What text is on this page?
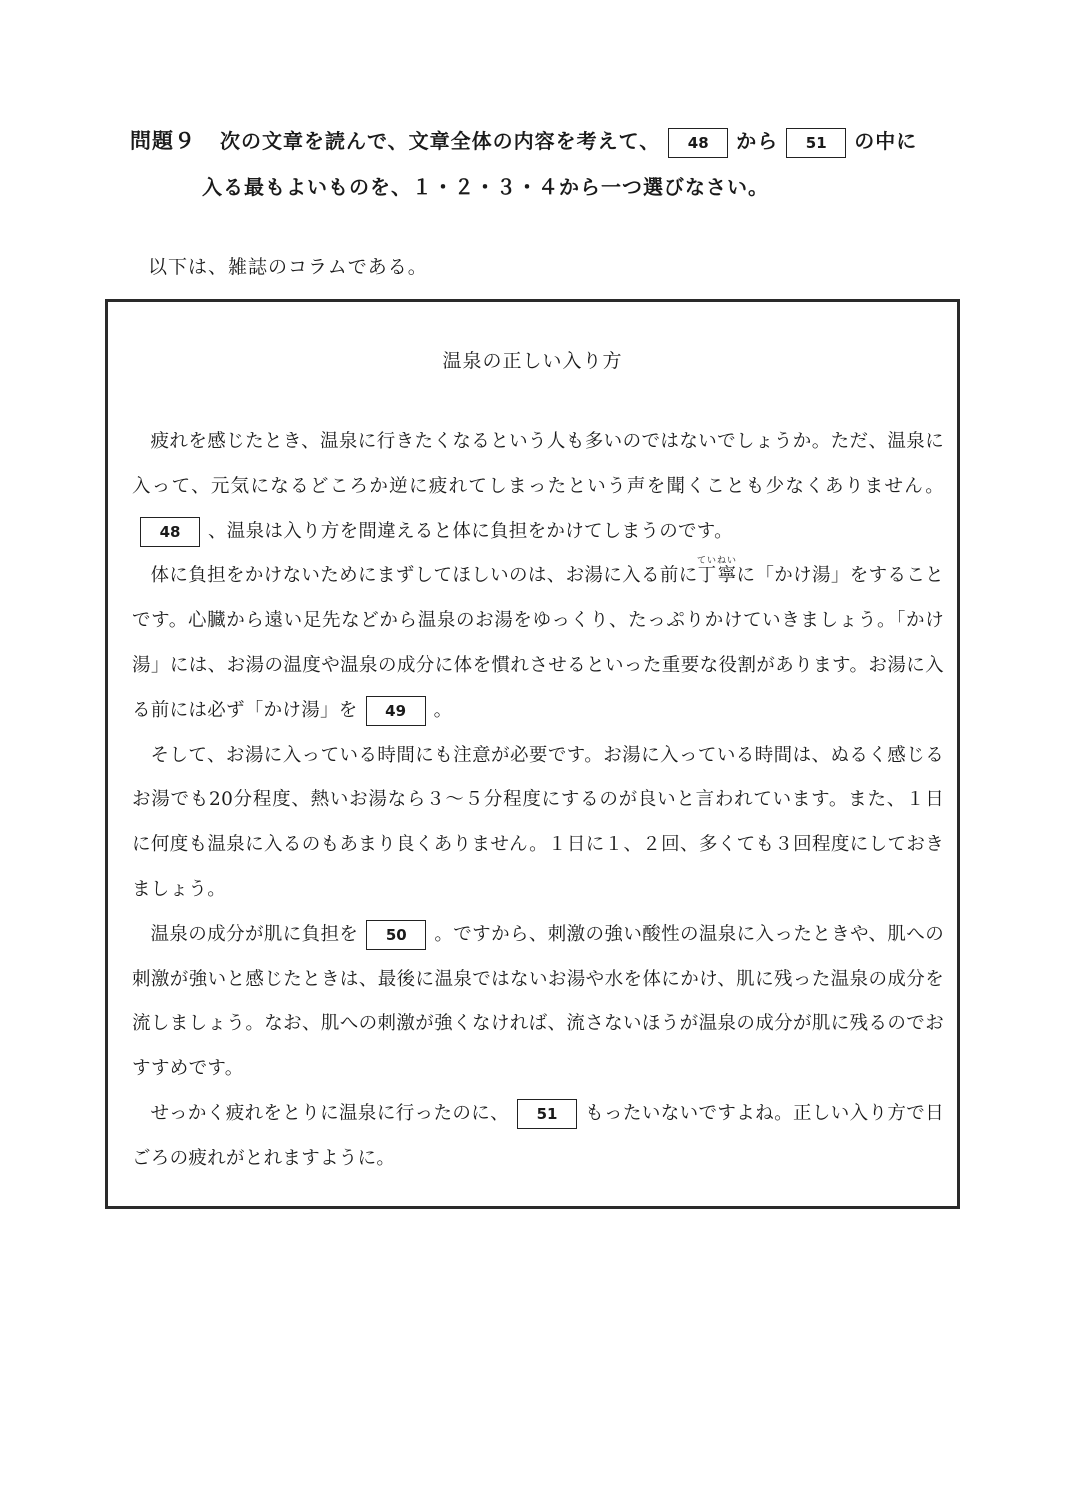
問題９ 次の文章を読んで、文章全体の内容を考えて、 48 から 51 の中に
入る最もよいものを、１・２・３・４から一つ選びなさい。
以下は、雑誌のコラムである。
温泉の正しい入り方

疲れを感じたとき、温泉に行きたくなるという人も多いのではないでしょうか。ただ、温泉に入って、元気になるどころか逆に疲れてしまったという声を聞くことも少なくありません。48 、温泉は入り方を間違えると体に負担をかけてしまうのです。

体に負担をかけないためにまずしてほしいのは、お湯に入る前に丁寧ていねいに「かけ湯」をすることです。心臓から遠い足先などから温泉のお湯をゆっくり、たっぷりかけていきましょう。「かけ湯」には、お湯の温度や温泉の成分に体を慣れさせるといった重要な役割があります。お湯に入る前には必ず「かけ湯」を 49 。

そして、お湯に入っている時間にも注意が必要です。お湯に入っている時間は、ぬるく感じるお湯でも20分程度、熱いお湯なら３～５分程度にするのが良いと言われています。また、１日に何度も温泉に入るのもあまり良くありません。１日に１、２回、多くても３回程度にしておきましょう。

温泉の成分が肌に負担を 50 。ですから、刺激の強い酸性の温泉に入ったときや、肌への刺激が強いと感じたときは、最後に温泉ではないお湯や水を体にかけ、肌に残った温泉の成分を流しましょう。なお、肌への刺激が強くなければ、流さないほうが温泉の成分が肌に残るのでおすすめです。

せっかく疲れをとりに温泉に行ったのに、 51 もったいないですよね。正しい入り方で日ごろの疲れがとれますように。
